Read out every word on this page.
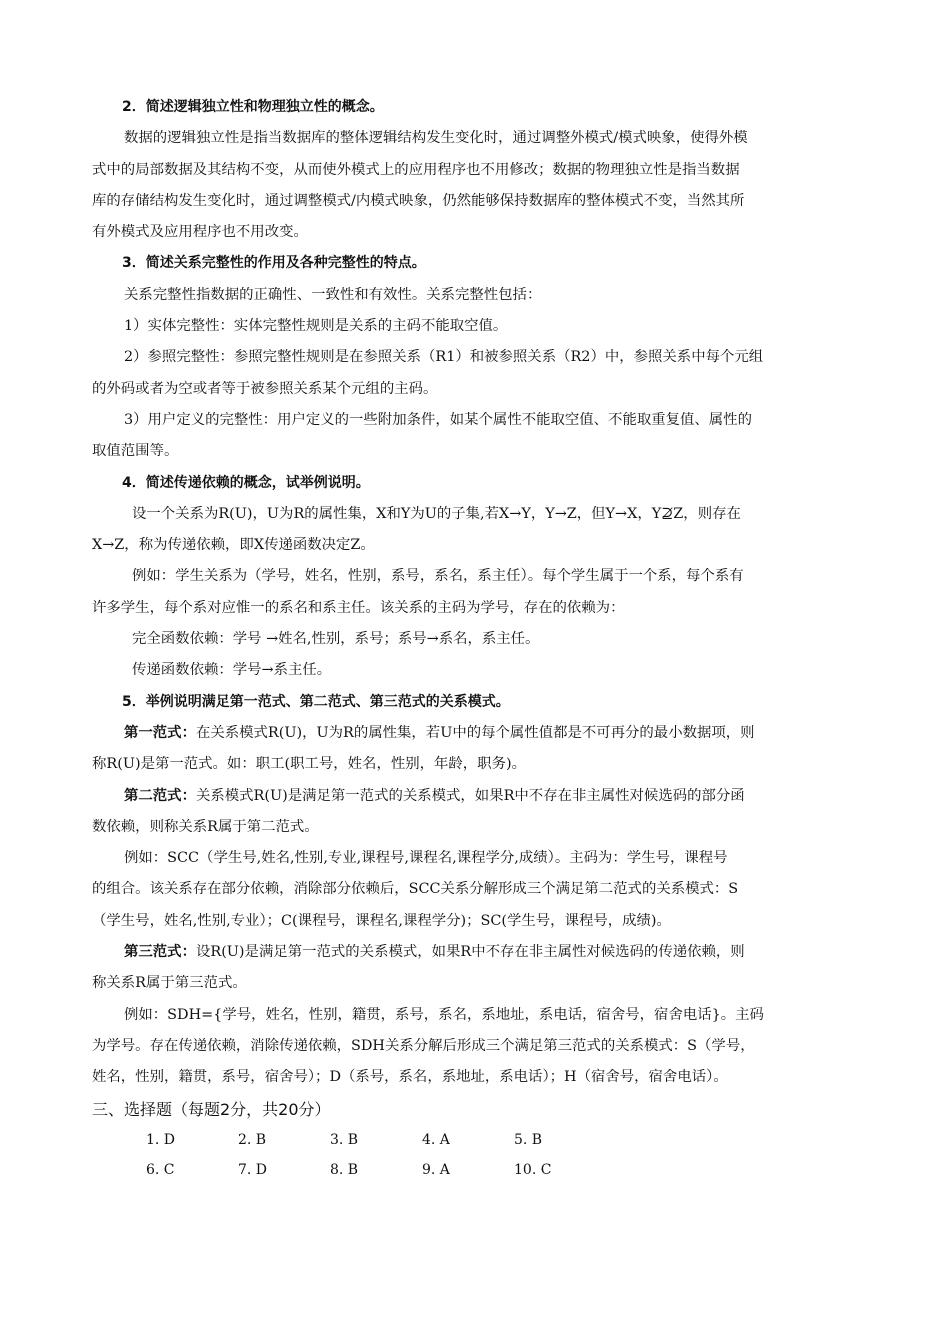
2．简述逻辑独立性和物理独立性的概念。

数据的逻辑独立性是指当数据库的整体逻辑结构发生变化时，通过调整外模式/模式映象，使得外模

式中的局部数据及其结构不变，从而使外模式上的应用程序也不用修改；数据的物理独立性是指当数据

库的存储结构发生变化时，通过调整模式/内模式映象，仍然能够保持数据库的整体模式不变，当然其所

有外模式及应用程序也不用改变。

3．简述关系完整性的作用及各种完整性的特点。

关系完整性指数据的正确性、一致性和有效性。关系完整性包括：

1）实体完整性：实体完整性规则是关系的主码不能取空值。

2）参照完整性：参照完整性规则是在参照关系（R1）和被参照关系（R2）中，参照关系中每个元组

的外码或者为空或者等于被参照关系某个元组的主码。

3）用户定义的完整性：用户定义的一些附加条件，如某个属性不能取空值、不能取重复值、属性的

取值范围等。

4．简述传递依赖的概念，试举例说明。

设一个关系为R(U)，U为R的属性集，X和Y为U的子集,若X→Y，Y→Z，但Y→X，Y⊉Z，则存在

X→Z，称为传递依赖，即X传递函数决定Z。

例如：学生关系为（学号，姓名，性别，系号，系名，系主任）。每个学生属于一个系，每个系有

许多学生，每个系对应惟一的系名和系主任。该关系的主码为学号，存在的依赖为：

完全函数依赖：学号 →姓名,性别，系号；系号→系名，系主任。

传递函数依赖：学号→系主任。

5．举例说明满足第一范式、第二范式、第三范式的关系模式。

第一范式：在关系模式R(U)，U为R的属性集，若U中的每个属性值都是不可再分的最小数据项，则

称R(U)是第一范式。如：职工(职工号，姓名，性别，年龄，职务)。

第二范式：关系模式R(U)是满足第一范式的关系模式，如果R中不存在非主属性对候选码的部分函

数依赖，则称关系R属于第二范式。

例如：SCC（学生号,姓名,性别,专业,课程号,课程名,课程学分,成绩）。主码为：学生号，课程号

的组合。该关系存在部分依赖，消除部分依赖后，SCC关系分解形成三个满足第二范式的关系模式：S

（学生号，姓名,性别,专业）；C(课程号，课程名,课程学分)；SC(学生号，课程号，成绩)。

第三范式：设R(U)是满足第一范式的关系模式，如果R中不存在非主属性对候选码的传递依赖，则

称关系R属于第三范式。

例如：SDH={学号，姓名，性别，籍贯，系号，系名，系地址，系电话，宿舍号，宿舍电话}。主码

为学号。存在传递依赖，消除传递依赖，SDH关系分解后形成三个满足第三范式的关系模式：S（学号，

姓名，性别，籍贯，系号，宿舍号）；D（系号，系名，系地址，系电话）；H（宿舍号，宿舍电话）。

三、选择题（每题2分，共20分）

1. D	2. B	3. B	4. A	5. B
6. C	7. D	8. B	9. A	10. C
